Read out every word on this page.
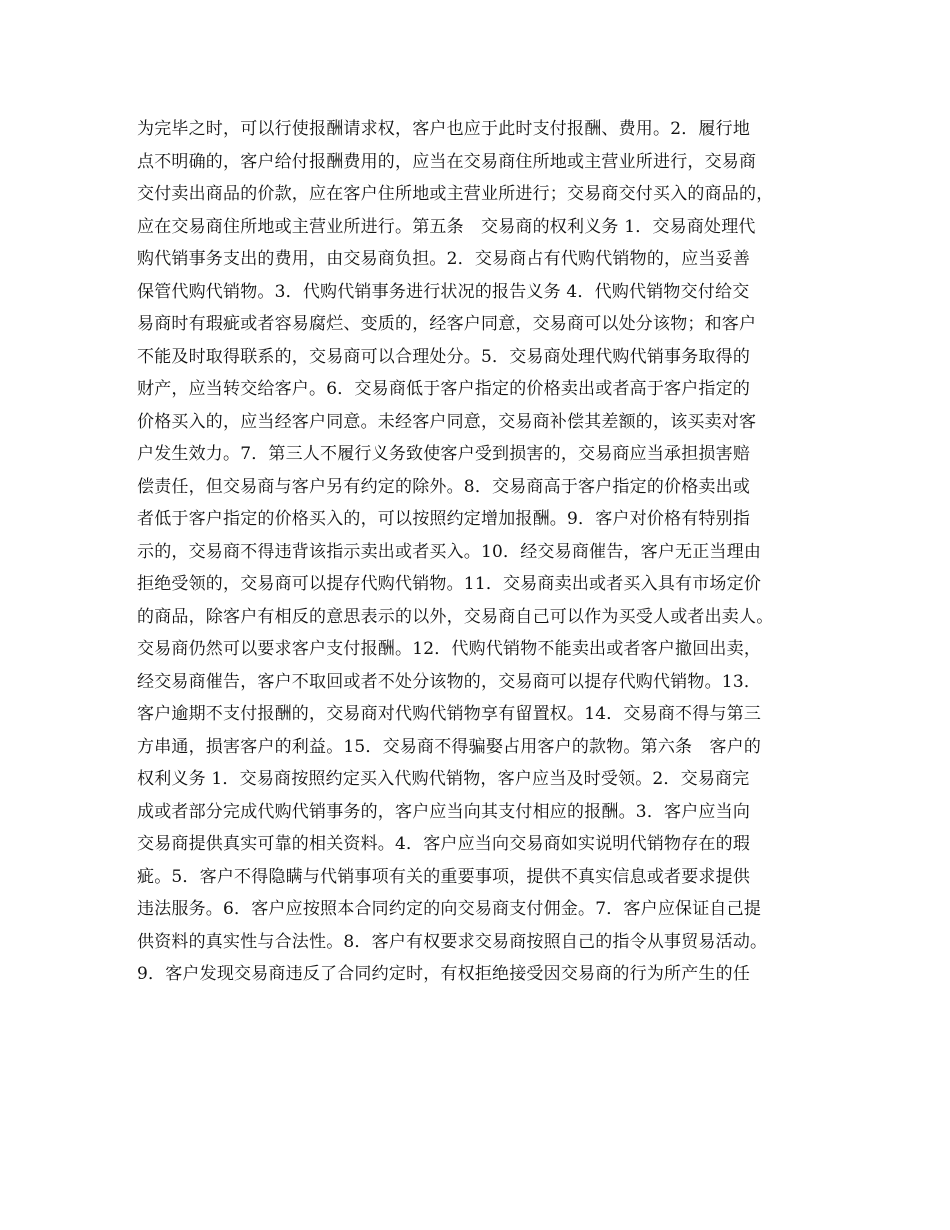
为完毕之时，可以行使报酬请求权，客户也应于此时支付报酬、费用。2．履行地
点不明确的，客户给付报酬费用的，应当在交易商住所地或主营业所进行，交易商
交付卖出商品的价款，应在客户住所地或主营业所进行；交易商交付买入的商品的，
应在交易商住所地或主营业所进行。第五条　交易商的权利义务 1．交易商处理代
购代销事务支出的费用，由交易商负担。2．交易商占有代购代销物的，应当妥善
保管代购代销物。3．代购代销事务进行状况的报告义务 4．代购代销物交付给交
易商时有瑕疵或者容易腐烂、变质的，经客户同意，交易商可以处分该物；和客户
不能及时取得联系的，交易商可以合理处分。5．交易商处理代购代销事务取得的
财产，应当转交给客户。6．交易商低于客户指定的价格卖出或者高于客户指定的
价格买入的，应当经客户同意。未经客户同意，交易商补偿其差额的，该买卖对客
户发生效力。7．第三人不履行义务致使客户受到损害的，交易商应当承担损害赔
偿责任，但交易商与客户另有约定的除外。8．交易商高于客户指定的价格卖出或
者低于客户指定的价格买入的，可以按照约定增加报酬。9．客户对价格有特别指
示的，交易商不得违背该指示卖出或者买入。10．经交易商催告，客户无正当理由
拒绝受领的，交易商可以提存代购代销物。11．交易商卖出或者买入具有市场定价
的商品，除客户有相反的意思表示的以外，交易商自己可以作为买受人或者出卖人。
交易商仍然可以要求客户支付报酬。12．代购代销物不能卖出或者客户撤回出卖，
经交易商催告，客户不取回或者不处分该物的，交易商可以提存代购代销物。13．
客户逾期不支付报酬的，交易商对代购代销物享有留置权。14．交易商不得与第三
方串通，损害客户的利益。15．交易商不得骗娶占用客户的款物。第六条　客户的
权利义务 1．交易商按照约定买入代购代销物，客户应当及时受领。2．交易商完
成或者部分完成代购代销事务的，客户应当向其支付相应的报酬。3．客户应当向
交易商提供真实可靠的相关资料。4．客户应当向交易商如实说明代销物存在的瑕
疵。5．客户不得隐瞒与代销事项有关的重要事项，提供不真实信息或者要求提供
违法服务。6．客户应按照本合同约定的向交易商支付佣金。7．客户应保证自己提
供资料的真实性与合法性。8．客户有权要求交易商按照自己的指令从事贸易活动。
9．客户发现交易商违反了合同约定时，有权拒绝接受因交易商的行为所产生的任
